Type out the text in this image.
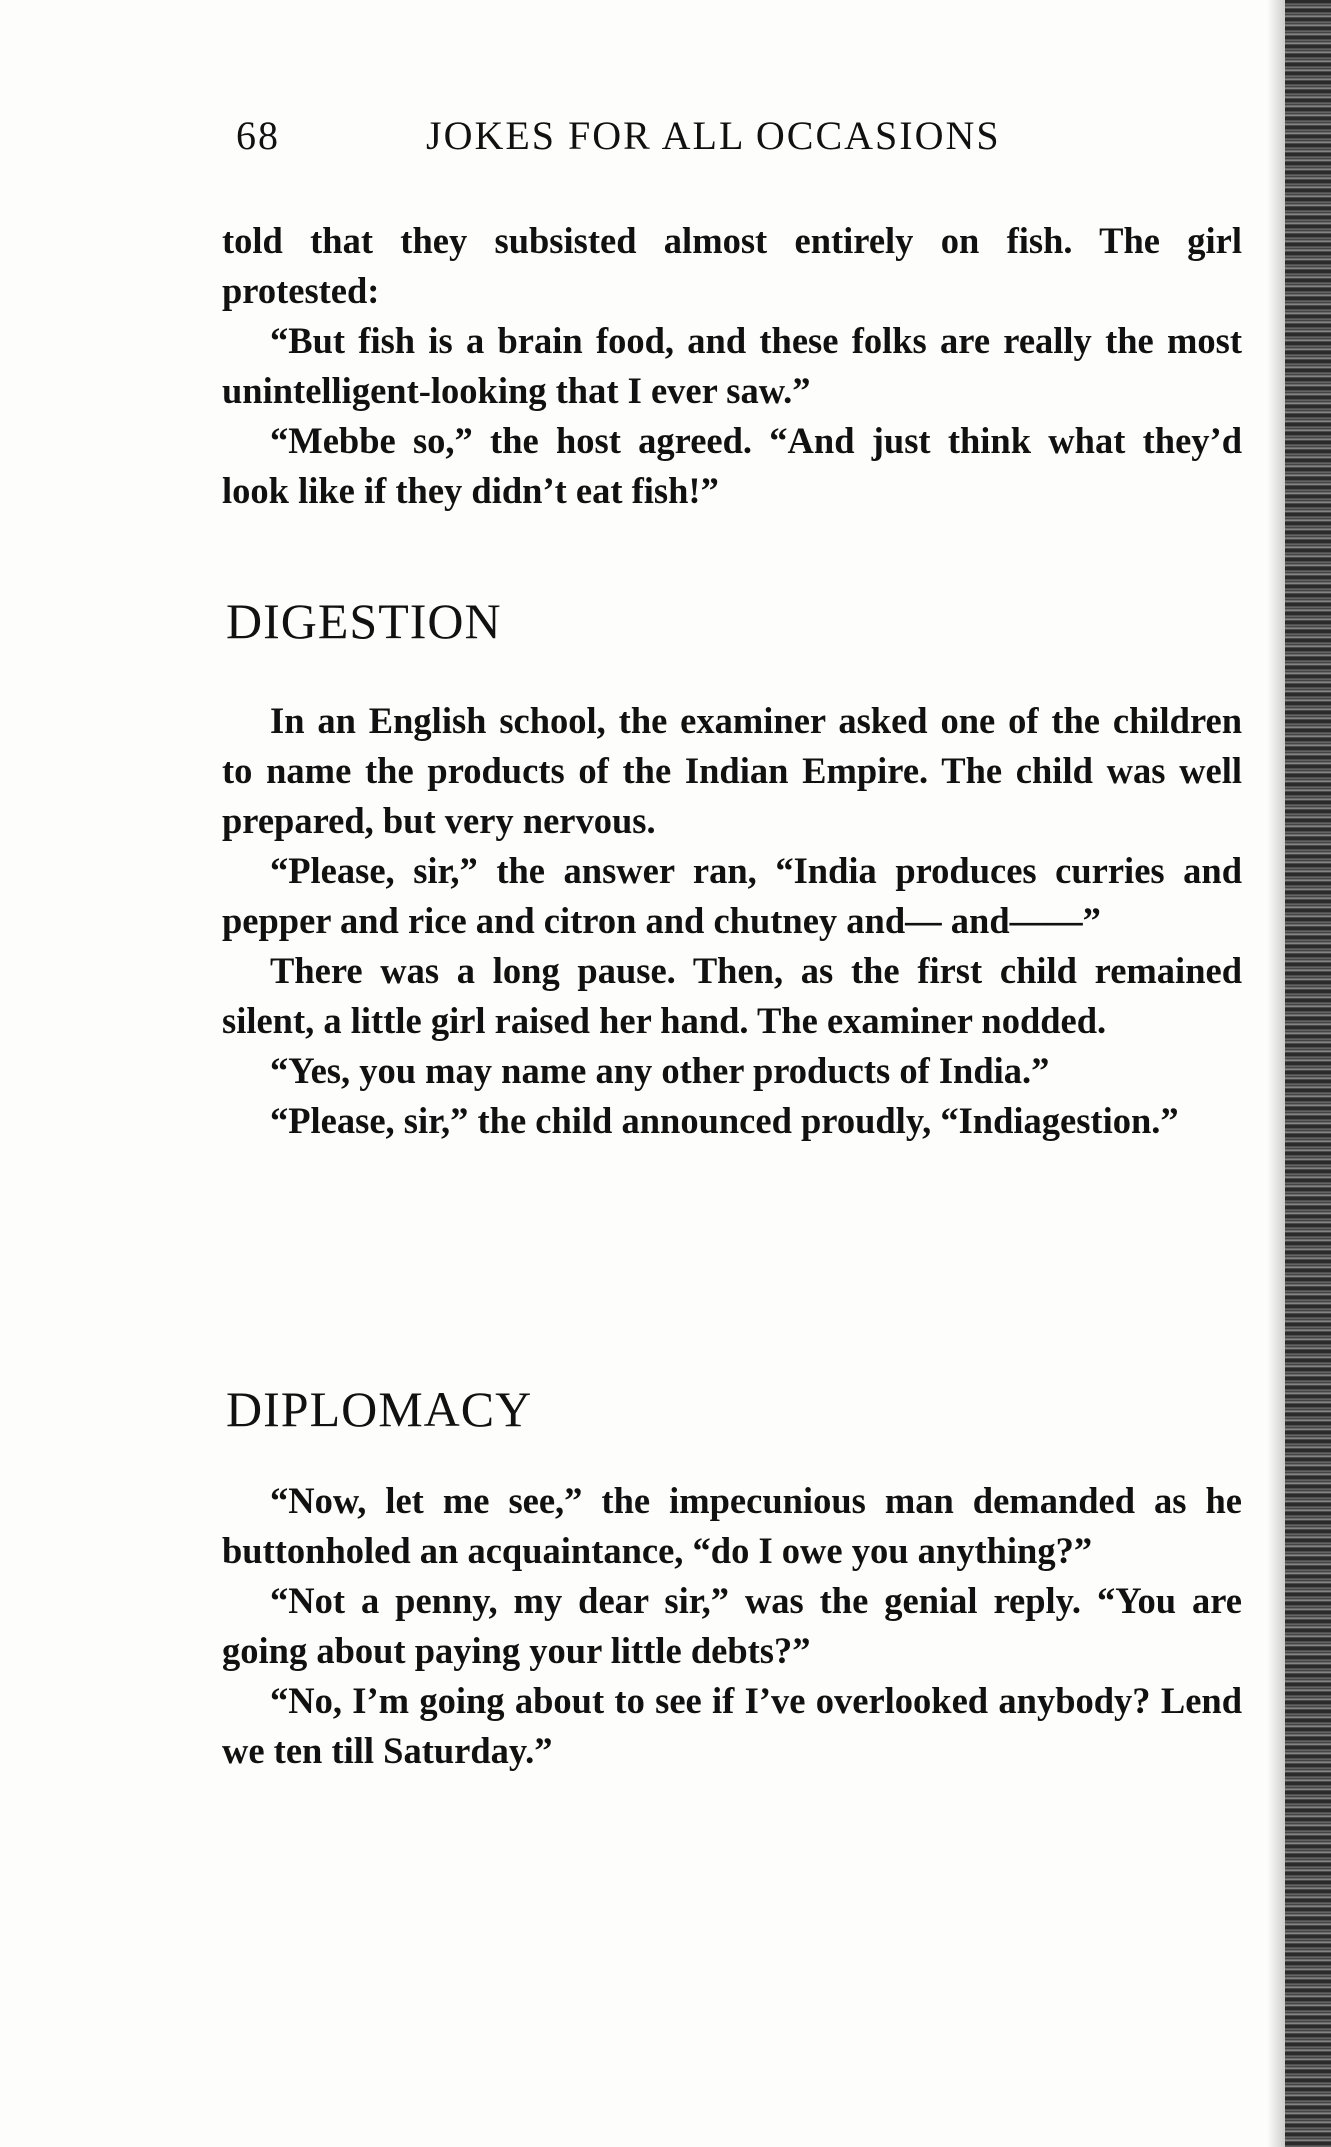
68	JOKES FOR ALL OCCASIONS

told that they subsisted almost entirely on fish. The girl protested:

“But fish is a brain food, and these folks are really the most unintelligent-looking that I ever saw.”

“Mebbe so,” the host agreed. “And just think what they’d look like if they didn’t eat fish!”

DIGESTION

In an English school, the examiner asked one of the children to name the products of the Indian Empire. The child was well prepared, but very nervous.

“Please, sir,” the answer ran, “India produces curries and pepper and rice and citron and chutney and— and——”

There was a long pause. Then, as the first child remained silent, a little girl raised her hand. The examiner nodded.

“Yes, you may name any other products of India.”

“Please, sir,” the child announced proudly, “Indiagestion.”

DIPLOMACY

“Now, let me see,” the impecunious man demanded as he buttonholed an acquaintance, “do I owe you anything?”

“Not a penny, my dear sir,” was the genial reply. “You are going about paying your little debts?”

“No, I’m going about to see if I’ve overlooked anybody? Lend we ten till Saturday.”
